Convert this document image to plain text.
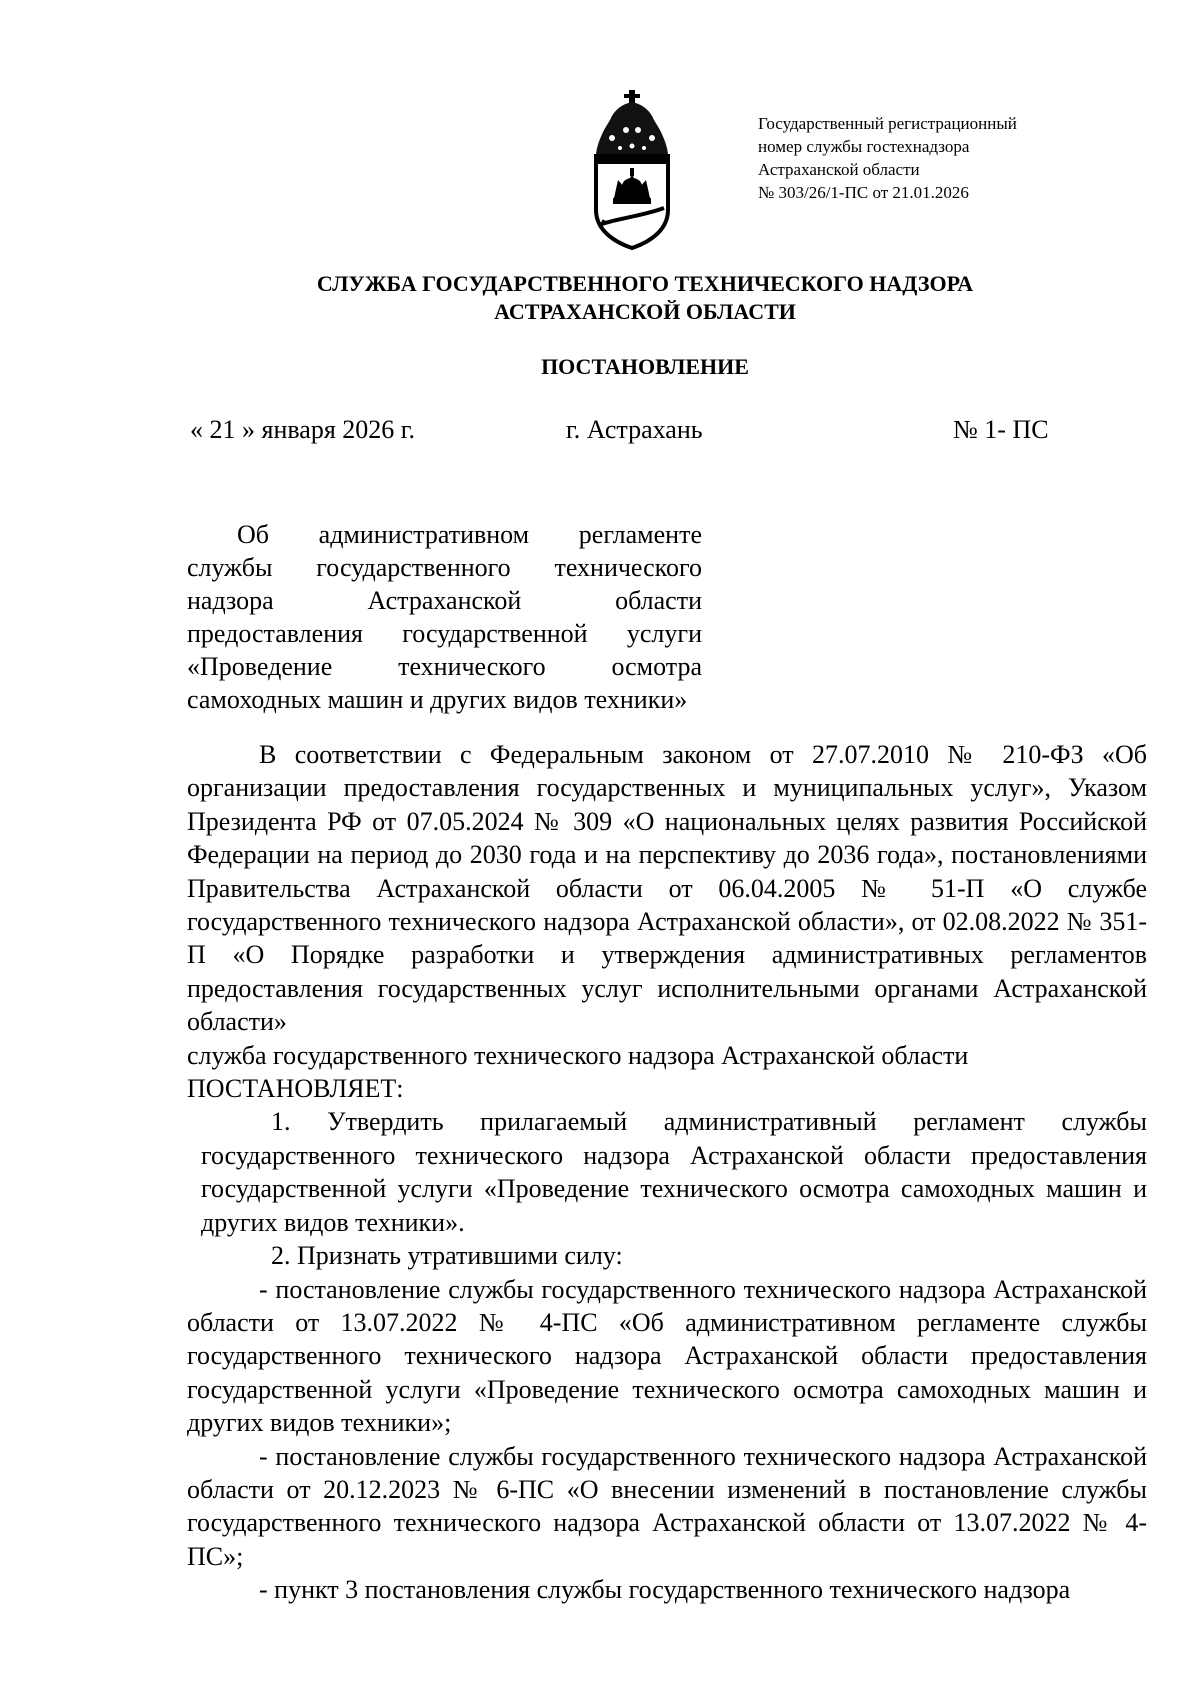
Государственный регистрационный
номер службы гостехнадзора
Астраханской области
№ 303/26/1-ПС от 21.01.2026
СЛУЖБА ГОСУДАРСТВЕННОГО ТЕХНИЧЕСКОГО НАДЗОРА
АСТРАХАНСКОЙ ОБЛАСТИ
ПОСТАНОВЛЕНИЕ
« 21 » января 2026 г.	г. Астрахань	№ 1- ПС
Об административном регламенте службы государственного технического надзора Астраханской области предоставления государственной услуги «Проведение технического осмотра самоходных машин и других видов техники»

В соответствии с Федеральным законом от 27.07.2010 № 210-ФЗ «Об организации предоставления государственных и муниципальных услуг», Указом Президента РФ от 07.05.2024 № 309 «О национальных целях развития Российской Федерации на период до 2030 года и на перспективу до 2036 года», постановлениями Правительства Астраханской области от 06.04.2005 № 51-П «О службе государственного технического надзора Астраханской области», от 02.08.2022 № 351-П «О Порядке разработки и утверждения административных регламентов предоставления государственных услуг исполнительными органами Астраханской области»

служба государственного технического надзора Астраханской области

ПОСТАНОВЛЯЕТ:

1. Утвердить прилагаемый административный регламент службы государственного технического надзора Астраханской области предоставления государственной услуги «Проведение технического осмотра самоходных машин и других видов техники».

2. Признать утратившими силу:

- постановление службы государственного технического надзора Астраханской области от 13.07.2022 № 4-ПС «Об административном регламенте службы государственного технического надзора Астраханской области предоставления государственной услуги «Проведение технического осмотра самоходных машин и других видов техники»;

- постановление службы государственного технического надзора Астраханской области от 20.12.2023 № 6-ПС «О внесении изменений в постановление службы государственного технического надзора Астраханской области от 13.07.2022 № 4-ПС»;

- пункт 3 постановления службы государственного технического надзора
